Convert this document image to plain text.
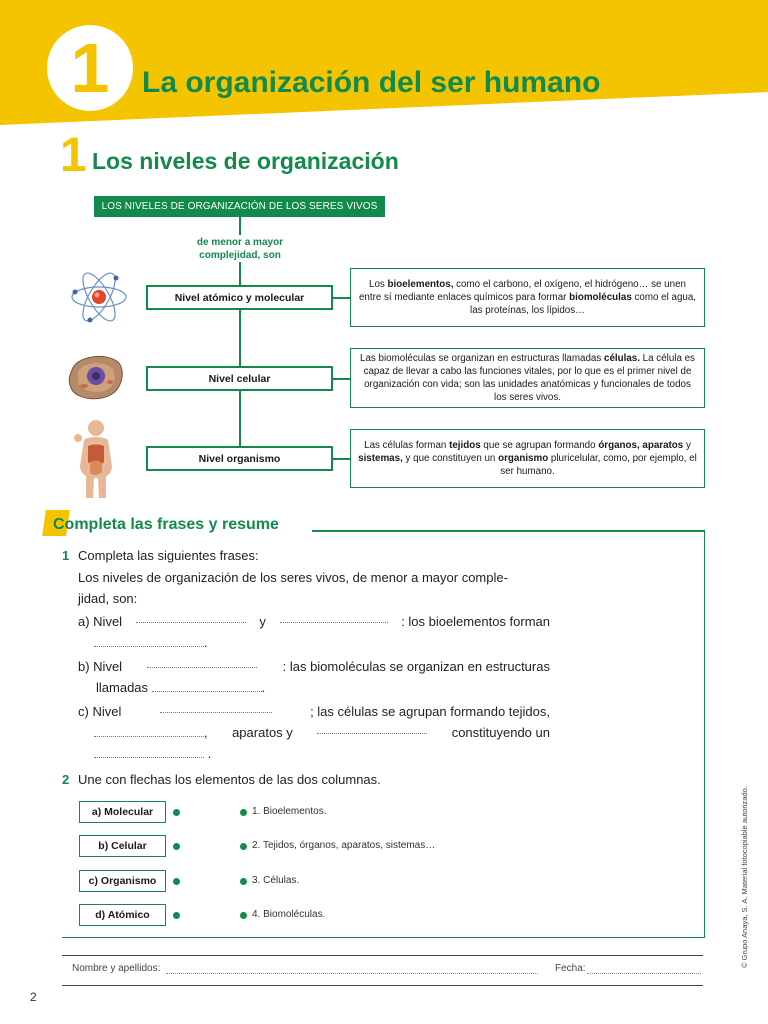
1	La organización del ser humano
1 Los niveles de organización
LOS NIVELES DE ORGANIZACIÓN DE LOS SERES VIVOS
de menor a mayor complejidad, son
Nivel atómico y molecular
Nivel celular
Nivel organismo
Los bioelementos, como el carbono, el oxígeno, el hidrógeno… se unen entre sí mediante enlaces químicos para formar biomoléculas como el agua, las proteínas, los lípidos…
Las biomoléculas se organizan en estructuras llamadas células. La célula es capaz de llevar a cabo las funciones vitales, por lo que es el primer nivel de organización con vida; son las unidades anatómicas y funcionales de todos los seres vivos.
Las células forman tejidos que se agrupan formando órganos, aparatos y sistemas, y que constituyen un organismo pluricelular, como, por ejemplo, el ser humano.
Completa las frases y resume
1 Completa las siguientes frases:
Los niveles de organización de los seres vivos, de menor a mayor comple-
jidad, son:
a) Nivel	y	: los bioelementos forman
.
b) Nivel	: las biomoléculas se organizan en estructuras
llamadas	.
c) Nivel	; las células se agrupan formando tejidos,
, aparatos y	constituyendo un
.
2 Une con flechas los elementos de las dos columnas.
a) Molecular
b) Celular
c) Organismo
d) Atómico
1. Bioelementos.
2. Tejidos, órganos, aparatos, sistemas…
3. Células.
4. Biomoléculas.
Nombre y apellidos:	Fecha:
2
© Grupo Anaya, S. A. Material fotocopiable autorizado.
